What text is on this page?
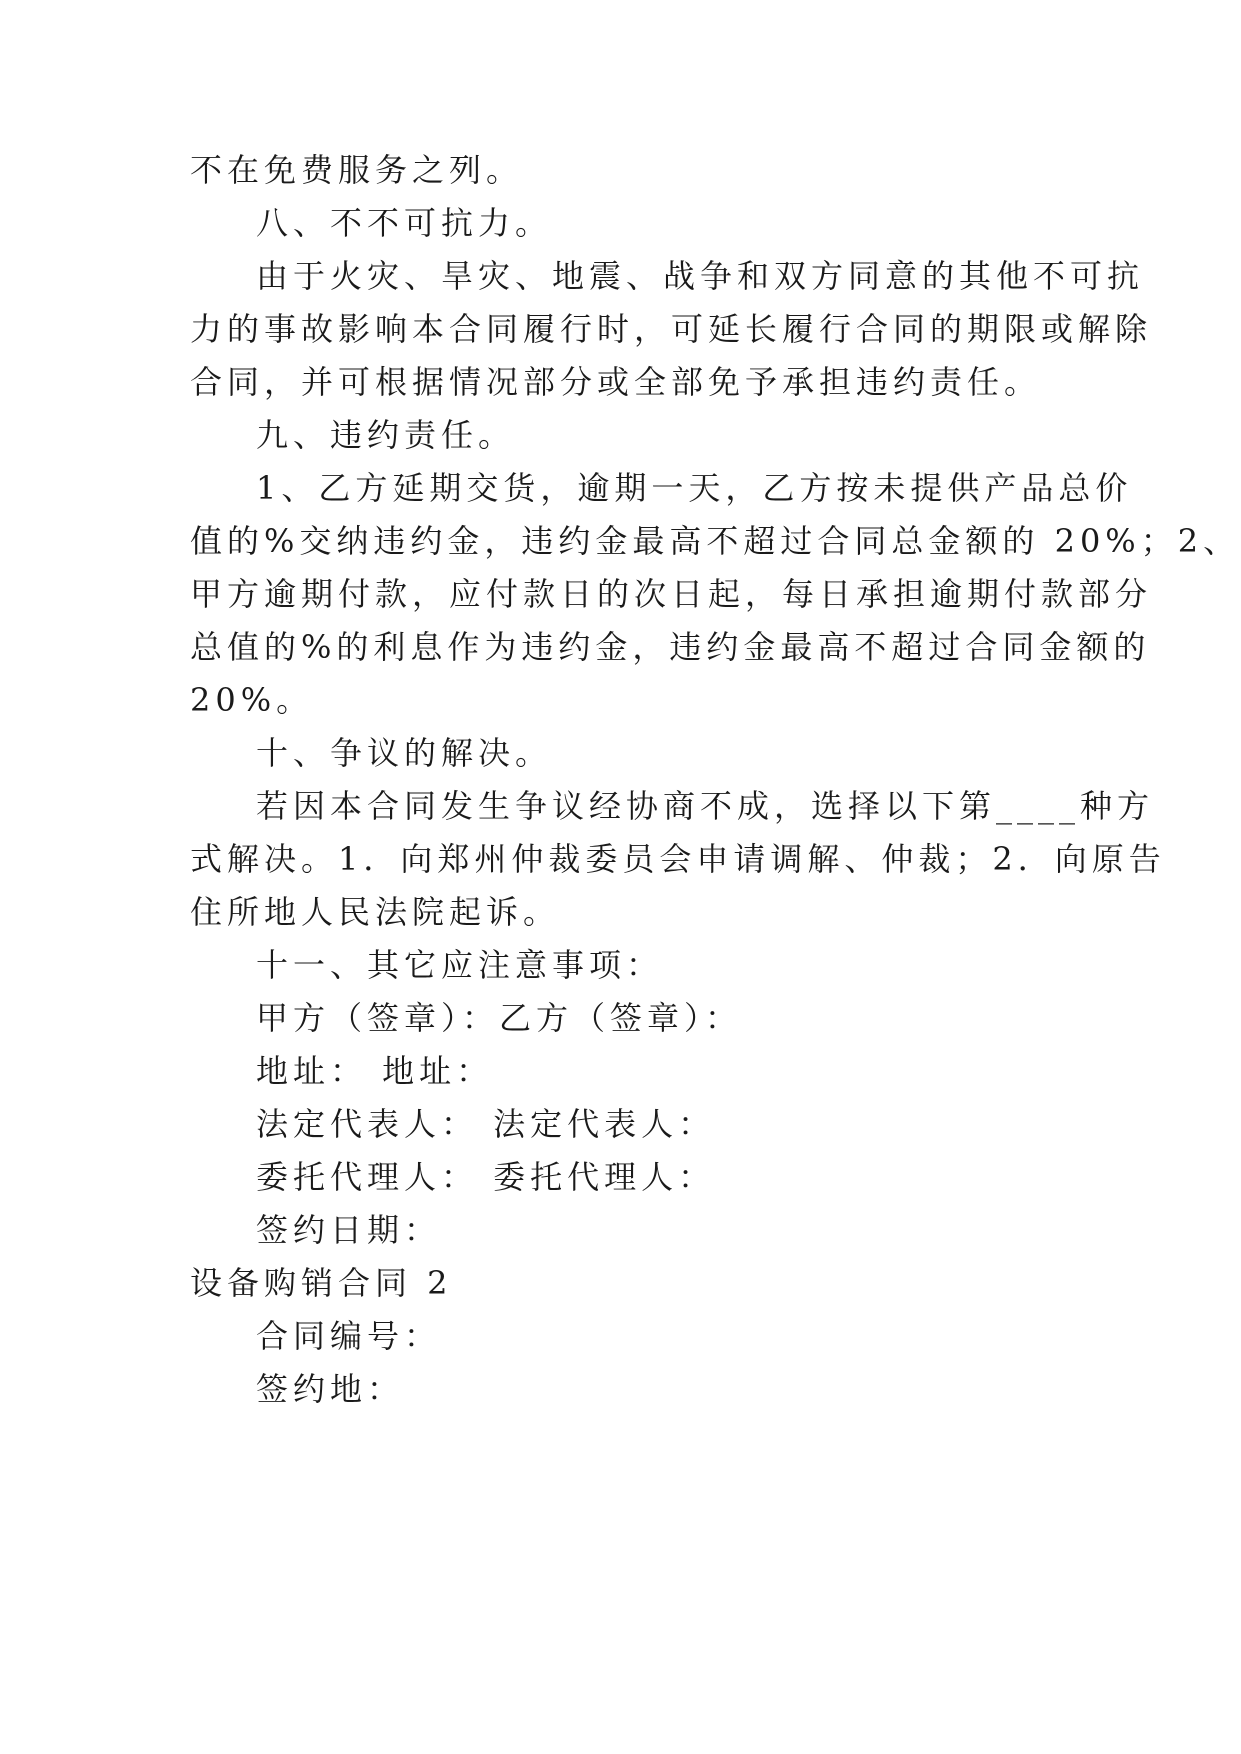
不在免费服务之列。
八、不不可抗力。
由于火灾、旱灾、地震、战争和双方同意的其他不可抗
力的事故影响本合同履行时，可延长履行合同的期限或解除
合同，并可根据情况部分或全部免予承担违约责任。
九、违约责任。
1、乙方延期交货，逾期一天，乙方按未提供产品总价
值的%交纳违约金，违约金最高不超过合同总金额的 20%；2、
甲方逾期付款，应付款日的次日起，每日承担逾期付款部分
总值的%的利息作为违约金，违约金最高不超过合同金额的
20%。
十、争议的解决。
若因本合同发生争议经协商不成，选择以下第____种方
式解决。1．向郑州仲裁委员会申请调解、仲裁；2．向原告
住所地人民法院起诉。
十一、其它应注意事项：
甲方（签章）：乙方（签章）：
地址： 地址：
法定代表人： 法定代表人：
委托代理人： 委托代理人：
签约日期：
设备购销合同 2
合同编号：
签约地：
